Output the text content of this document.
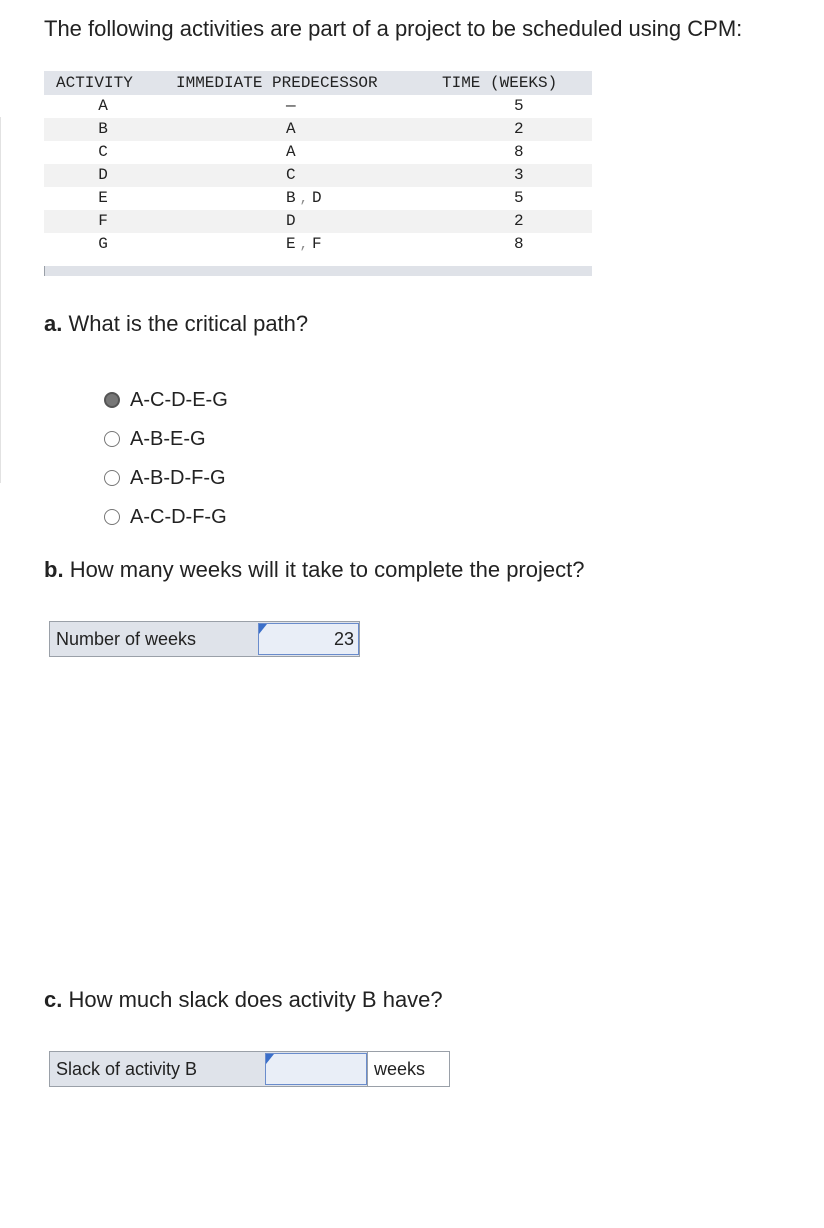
The following activities are part of a project to be scheduled using CPM:
ACTIVITY	IMMEDIATE PREDECESSOR	TIME (WEEKS)
A	—	5
B	A	2
C	A	8
D	C	3
E	B , D	5
F	D	2
G	E , F	8
a. What is the critical path?
A-C-D-E-G
A-B-E-G
A-B-D-F-G
A-C-D-F-G
b. How many weeks will it take to complete the project?
Number of weeks	23
c. How much slack does activity B have?
Slack of activity B	weeks
